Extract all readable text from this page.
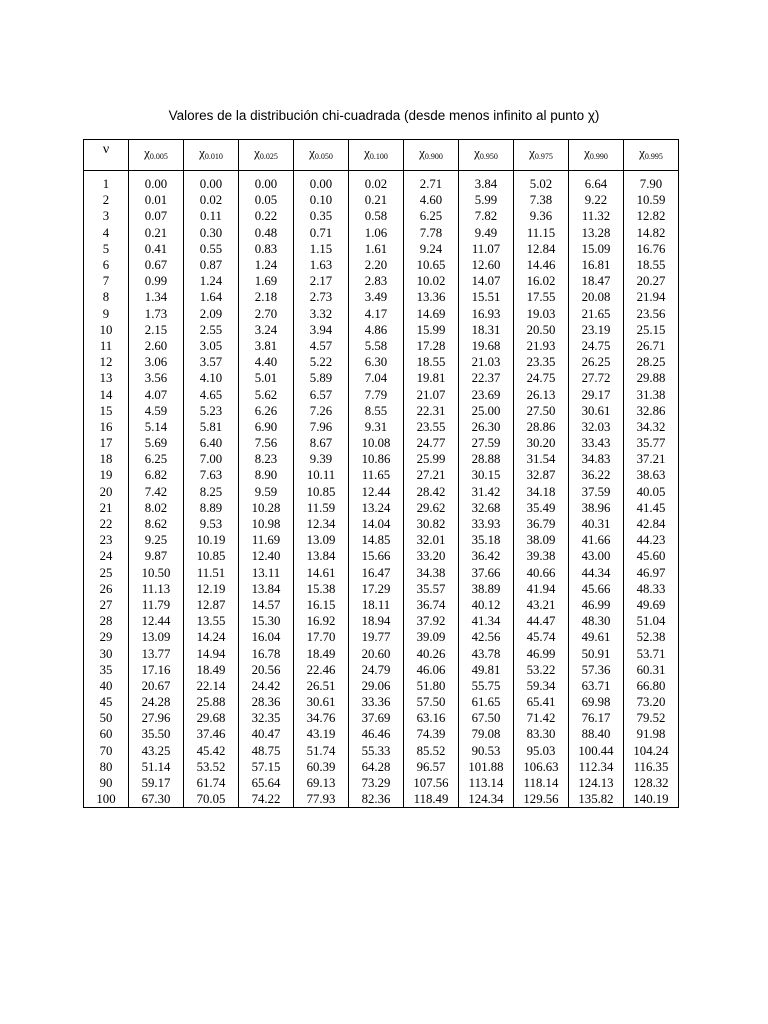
Valores de la distribución chi-cuadrada (desde menos infinito al punto χ)
ν	$\chi_{0.005}$	$\chi_{0.010}$	$\chi_{0.025}$	$\chi_{0.050}$	$\chi_{0.100}$	$\chi_{0.900}$	$\chi_{0.950}$	$\chi_{0.975}$	$\chi_{0.990}$	$\chi_{0.995}$
1	0.00	0.00	0.00	0.00	0.02	2.71	3.84	5.02	6.64	7.90
2	0.01	0.02	0.05	0.10	0.21	4.60	5.99	7.38	9.22	10.59
3	0.07	0.11	0.22	0.35	0.58	6.25	7.82	9.36	11.32	12.82
4	0.21	0.30	0.48	0.71	1.06	7.78	9.49	11.15	13.28	14.82
5	0.41	0.55	0.83	1.15	1.61	9.24	11.07	12.84	15.09	16.76
6	0.67	0.87	1.24	1.63	2.20	10.65	12.60	14.46	16.81	18.55
7	0.99	1.24	1.69	2.17	2.83	10.02	14.07	16.02	18.47	20.27
8	1.34	1.64	2.18	2.73	3.49	13.36	15.51	17.55	20.08	21.94
9	1.73	2.09	2.70	3.32	4.17	14.69	16.93	19.03	21.65	23.56
10	2.15	2.55	3.24	3.94	4.86	15.99	18.31	20.50	23.19	25.15
11	2.60	3.05	3.81	4.57	5.58	17.28	19.68	21.93	24.75	26.71
12	3.06	3.57	4.40	5.22	6.30	18.55	21.03	23.35	26.25	28.25
13	3.56	4.10	5.01	5.89	7.04	19.81	22.37	24.75	27.72	29.88
14	4.07	4.65	5.62	6.57	7.79	21.07	23.69	26.13	29.17	31.38
15	4.59	5.23	6.26	7.26	8.55	22.31	25.00	27.50	30.61	32.86
16	5.14	5.81	6.90	7.96	9.31	23.55	26.30	28.86	32.03	34.32
17	5.69	6.40	7.56	8.67	10.08	24.77	27.59	30.20	33.43	35.77
18	6.25	7.00	8.23	9.39	10.86	25.99	28.88	31.54	34.83	37.21
19	6.82	7.63	8.90	10.11	11.65	27.21	30.15	32.87	36.22	38.63
20	7.42	8.25	9.59	10.85	12.44	28.42	31.42	34.18	37.59	40.05
21	8.02	8.89	10.28	11.59	13.24	29.62	32.68	35.49	38.96	41.45
22	8.62	9.53	10.98	12.34	14.04	30.82	33.93	36.79	40.31	42.84
23	9.25	10.19	11.69	13.09	14.85	32.01	35.18	38.09	41.66	44.23
24	9.87	10.85	12.40	13.84	15.66	33.20	36.42	39.38	43.00	45.60
25	10.50	11.51	13.11	14.61	16.47	34.38	37.66	40.66	44.34	46.97
26	11.13	12.19	13.84	15.38	17.29	35.57	38.89	41.94	45.66	48.33
27	11.79	12.87	14.57	16.15	18.11	36.74	40.12	43.21	46.99	49.69
28	12.44	13.55	15.30	16.92	18.94	37.92	41.34	44.47	48.30	51.04
29	13.09	14.24	16.04	17.70	19.77	39.09	42.56	45.74	49.61	52.38
30	13.77	14.94	16.78	18.49	20.60	40.26	43.78	46.99	50.91	53.71
35	17.16	18.49	20.56	22.46	24.79	46.06	49.81	53.22	57.36	60.31
40	20.67	22.14	24.42	26.51	29.06	51.80	55.75	59.34	63.71	66.80
45	24.28	25.88	28.36	30.61	33.36	57.50	61.65	65.41	69.98	73.20
50	27.96	29.68	32.35	34.76	37.69	63.16	67.50	71.42	76.17	79.52
60	35.50	37.46	40.47	43.19	46.46	74.39	79.08	83.30	88.40	91.98
70	43.25	45.42	48.75	51.74	55.33	85.52	90.53	95.03	100.44	104.24
80	51.14	53.52	57.15	60.39	64.28	96.57	101.88	106.63	112.34	116.35
90	59.17	61.74	65.64	69.13	73.29	107.56	113.14	118.14	124.13	128.32
100	67.30	70.05	74.22	77.93	82.36	118.49	124.34	129.56	135.82	140.19
